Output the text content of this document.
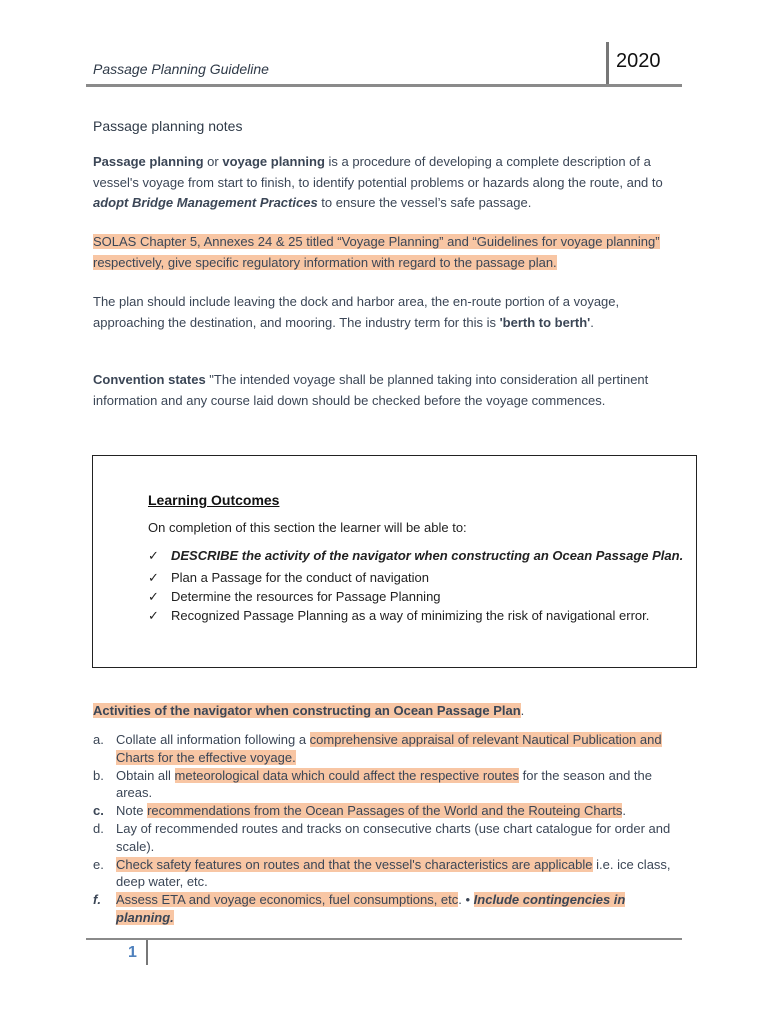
Passage Planning Guideline	2020
Passage planning notes
Passage planning or voyage planning is a procedure of developing a complete description of a vessel's voyage from start to finish, to identify potential problems or hazards along the route, and to adopt Bridge Management Practices to ensure the vessel’s safe passage.
SOLAS Chapter 5, Annexes 24 & 25 titled “Voyage Planning” and “Guidelines for voyage planning” respectively, give specific regulatory information with regard to the passage plan.
The plan should include leaving the dock and harbor area, the en-route portion of a voyage, approaching the destination, and mooring. The industry term for this is 'berth to berth'.
Convention states "The intended voyage shall be planned taking into consideration all pertinent information and any course laid down should be checked before the voyage commences.
Learning Outcomes
On completion of this section the learner will be able to:
✓ DESCRIBE the activity of the navigator when constructing an Ocean Passage Plan.
✓ Plan a Passage for the conduct of navigation
✓ Determine the resources for Passage Planning
✓ Recognized Passage Planning as a way of minimizing the risk of navigational error.
Activities of the navigator when constructing an Ocean Passage Plan.
a. Collate all information following a comprehensive appraisal of relevant Nautical Publication and Charts for the effective voyage.
b. Obtain all meteorological data which could affect the respective routes for the season and the areas.
c. Note recommendations from the Ocean Passages of the World and the Routeing Charts.
d. Lay of recommended routes and tracks on consecutive charts (use chart catalogue for order and scale).
e. Check safety features on routes and that the vessel's characteristics are applicable i.e. ice class, deep water, etc.
f. Assess ETA and voyage economics, fuel consumptions, etc. • Include contingencies in planning.
1
